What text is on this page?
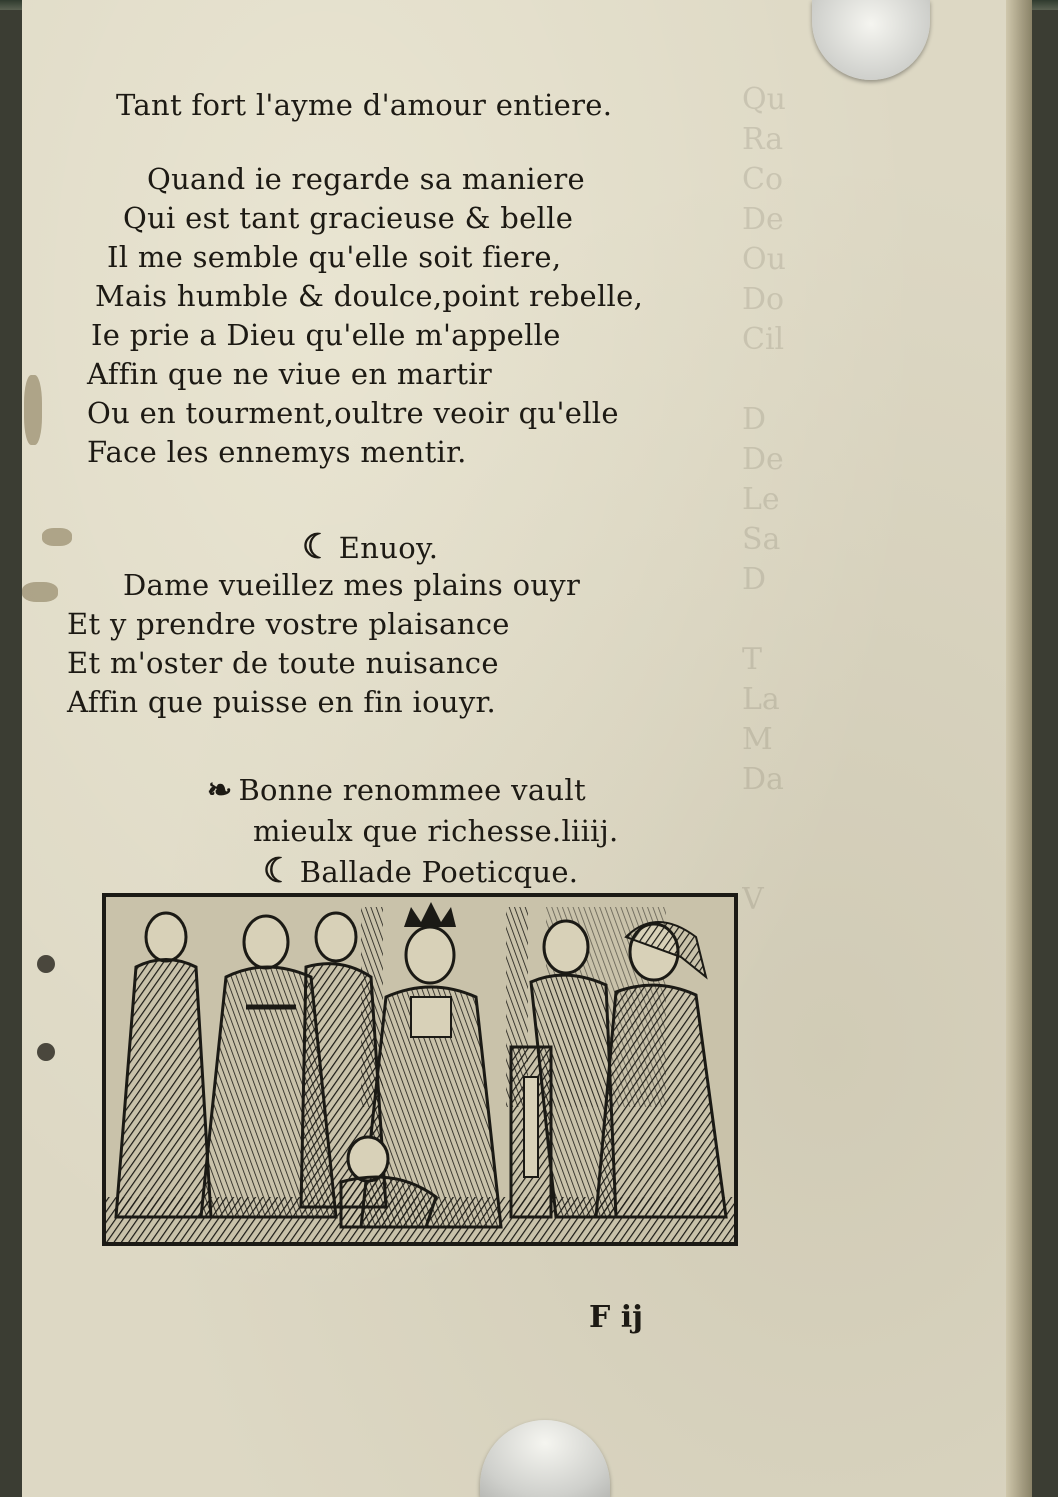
Qu
Ra
Co
De
Ou
Do
Cil
D
De
Le
Sa
D
T
La
M
Da
V
Tant fort l'ayme d'amour entiere.
Quand ie regarde sa maniere
Qui est tant gracieuse & belle
Il me semble qu'elle soit fiere,
Mais humble & doulce,point rebelle,
Ie prie a Dieu qu'elle m'appelle
Affin que ne viue en martir
Ou en tourment,oultre veoir qu'elle
Face les ennemys mentir.
☾ Enuoy.
Dame vueillez mes plains ouyr
Et y prendre vostre plaisance
Et m'oster de toute nuisance
Affin que puisse en fin iouyr.
❧ Bonne renommee vault
mieulx que richesse.liiij.
☾ Ballade Poeticque.
F ij
